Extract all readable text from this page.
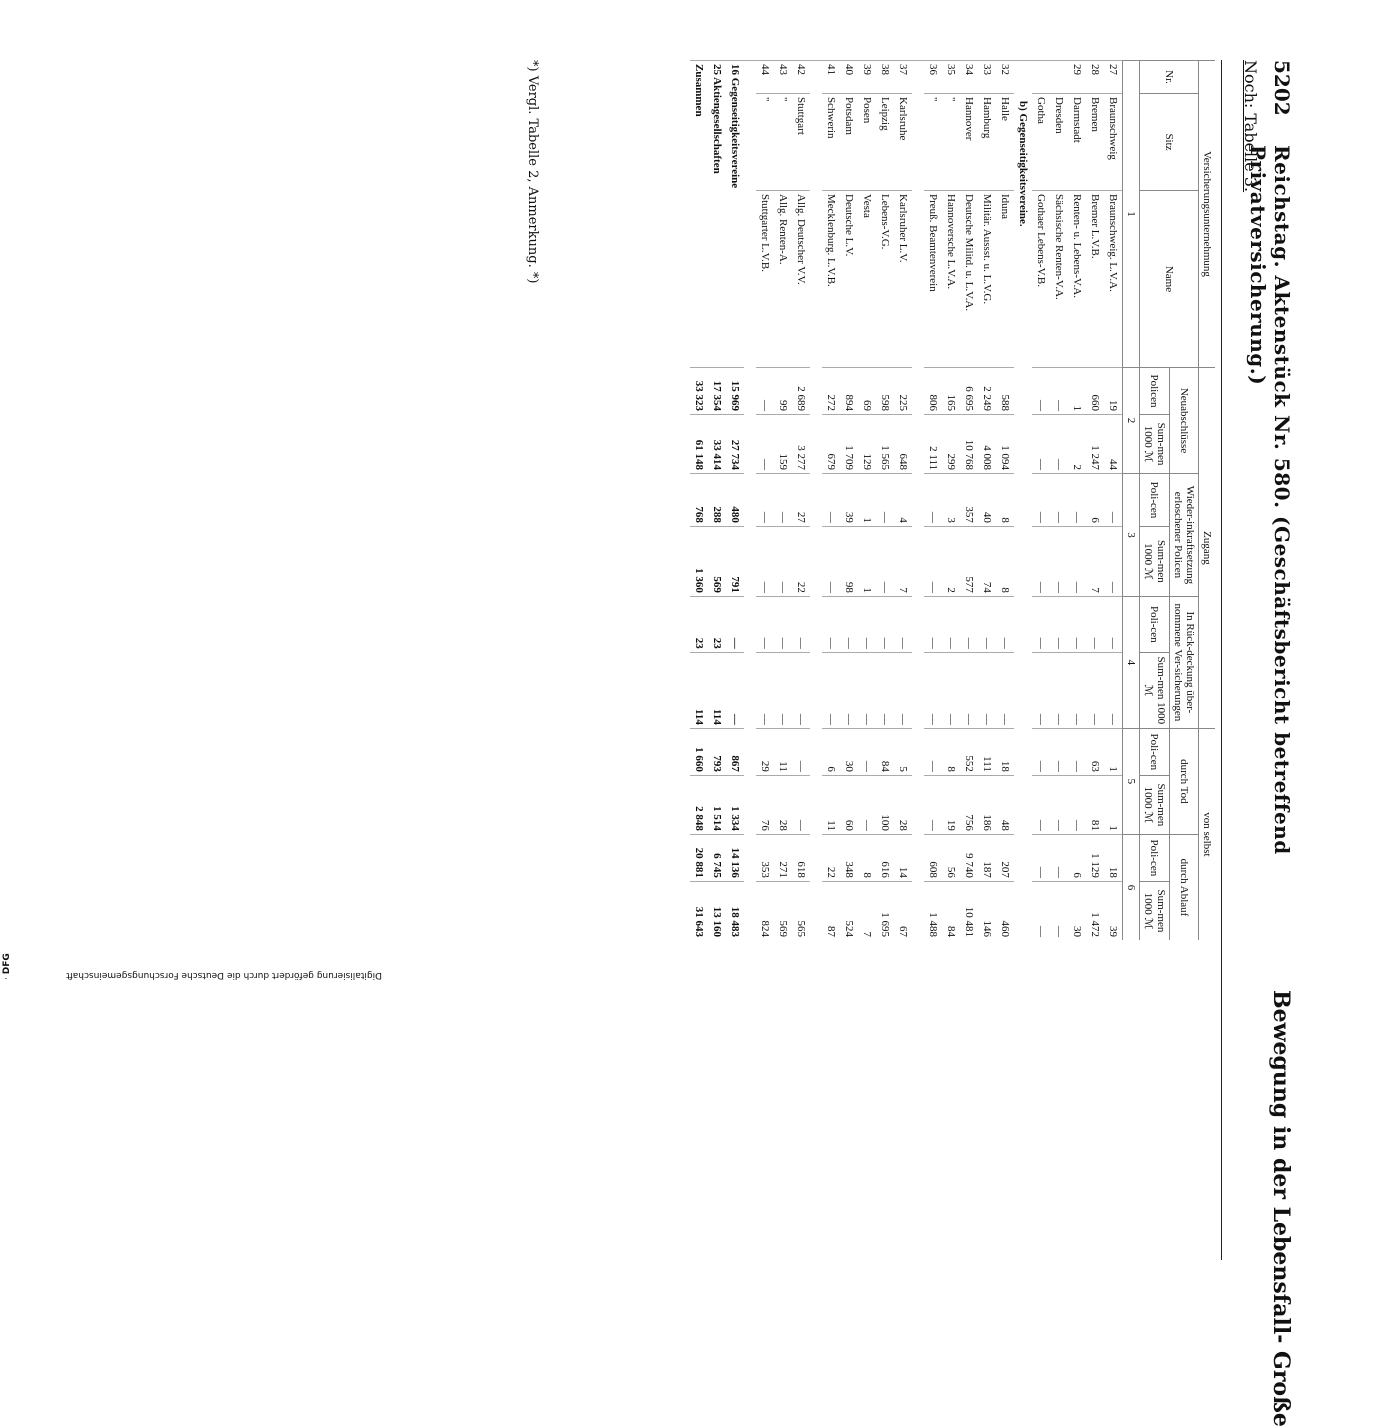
5202
Reichstag. Aktenstück Nr. 580. (Geschäftsbericht betreffend Privatversicherung.)
Bewegung in der Lebensfall- Große
Noch: Tabelle 3.
Versicherungsunternehmung			Zugang						von selbst			
Nr.	Sitz	Name	Neuabschlüsse		Wieder-inkraftsetzung erloschener Policen		In Rück-deckung über-nommene Ver-sicherungen		durch Tod		durch Ablauf	
			Policen	Sum-men 1000 ℳ	Poli-cen	Sum-men 1000 ℳ	Poli-cen	Sum-men 1000 ℳ	Poli-cen	Sum-men 1000 ℳ	Poli-cen	Sum-men 1000 ℳ
1			2		3		4		5		6	
27	Braunschweig	Braunschweig. L.V.A.	19	44	—	—	—	—	1	1	18	39
28	Bremen	Bremer L.V.B.	660	1 247	6	7	—	—	63	81	1 129	1 472
29	Darmstadt	Renten- u. Lebens-V.A.	1	2	—	—	—	—	—	—	6	30
	Dresden	Sächsische Renten-V.A.	—	—	—	—	—	—	—	—	—	—
	Gotha	Gothaer Lebens-V.B.	—	—	—	—	—	—	—	—	—	—
b) Gegenseitigkeitsvereine.												
32	Halle	Iduna	588	1 094	8	8	—	—	18	48	207	460
33	Hamburg	Militär. Aussst. u. L.V.G.	2 249	4 008	40	74	—	—	111	186	187	146
34	Hannover	Deutsche Militd. u. L.V.A.	6 695	10 768	357	577	—	—	552	756	9 740	10 481
35	"	Hannoversche L.V.A.	165	299	3	2	—	—	8	19	56	84
36	"	Preuß. Beamtenverein	806	2 111	—	—	—	—	—	—	608	1 488

37	Karlsruhe	Karlsruher L.V.	225	648	4	7	—	—	5	28	14	67
38	Leipzig	Lebens-V.G.	598	1 565	—	—	—	—	84	100	616	1 695
39	Posen	Vesta	69	129	1	1	—	—	—	—	8	7
40	Potsdam	Deutsche L.V.	894	1 709	39	98	—	—	30	60	348	524
41	Schwerin	Mecklenburg. L.V.B.	272	679	—	—	—	—	6	11	22	87

42	Stuttgart	Allg. Deutscher V.V.	2 689	3 277	27	22	—	—	—	—	618	565
43	"	Allg. Renten-A.	99	159	—	—	—	—	11	28	271	569
44	"	Stuttgarter L.V.B.	—	—	—	—	—	—	29	76	353	824

16 Gegenseitigkeitsvereine			15 969	27 734	480	791	—	—	867	1 334	14 136	18 483
25 Aktiengesellschaften			17 354	33 414	288	569	23	114	793	1 514	6 745	13 160
Zusammen			33 323	61 148	768	1 360	23	114	1 660	2 848	20 881	31 643
*) Vergl. Tabelle 2, Anmerkung. *)
Digitalisierung gefördert durch die Deutsche Forschungsgemeinschaft
· DFG
